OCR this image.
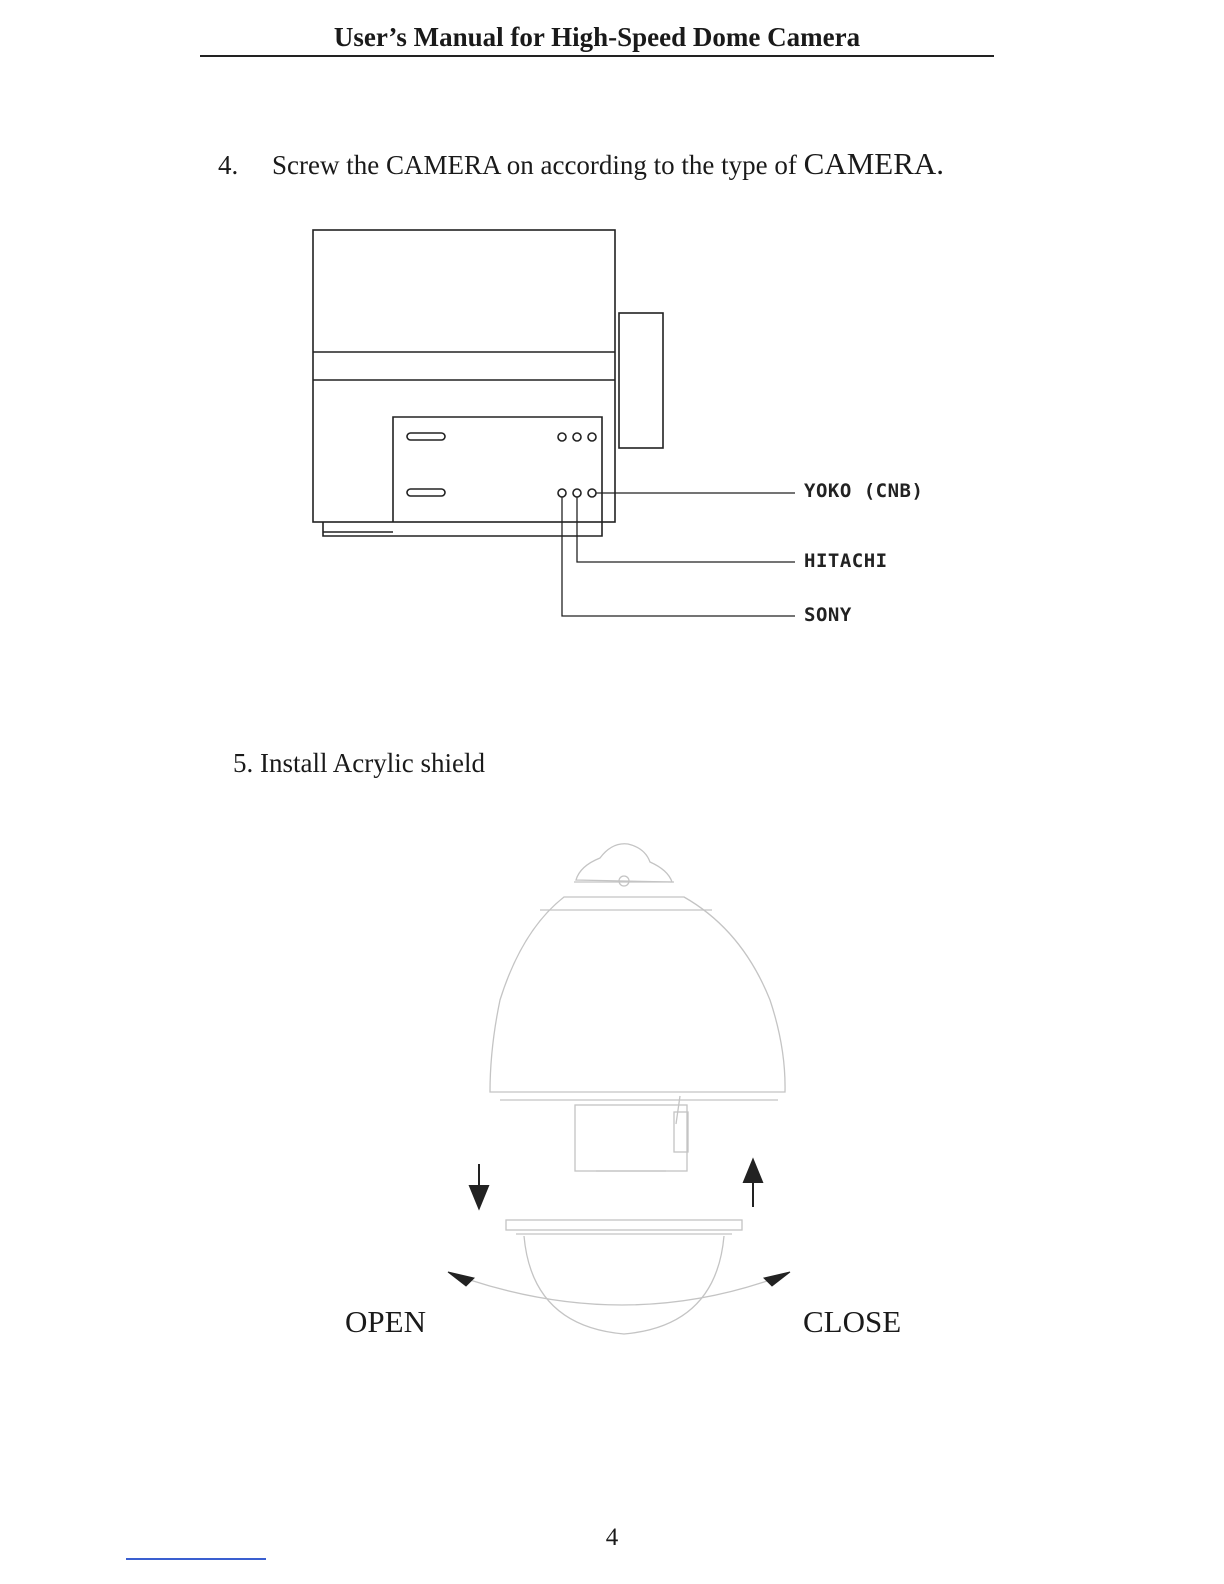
User’s Manual for High-Speed Dome Camera
4. Screw the CAMERA on according to the type of CAMERA.
YOKO (CNB)
HITACHI
SONY
5. Install Acrylic shield
OPEN	CLOSE
4
